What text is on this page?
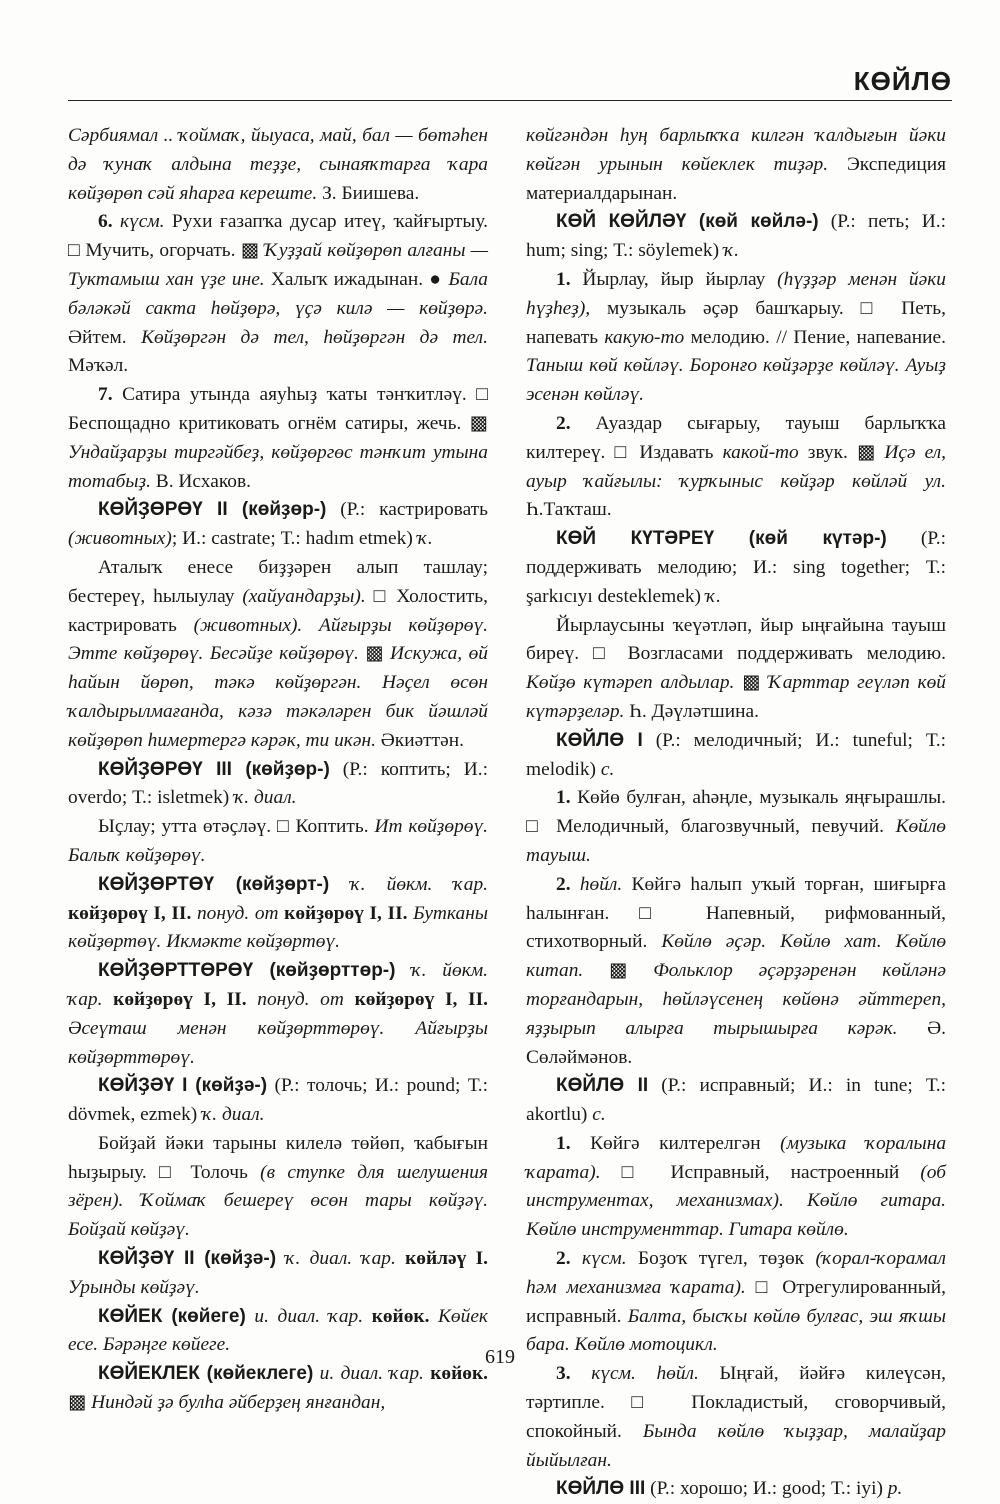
КӨЙЛӨ

Сәрбиямал .. ҡоймаҡ, йыуаса, май, бал — бөтәһен дә ҡунаҡ алдына теҙҙе, сынаяҡтарға ҡара көйҙөрөп сәй яһарға кереште. З. Биишева.

6. күсм. Рухи ғазапҡа дусар итеү, ҡайғыртыу. □ Мучить, огорчать. ▩ Ҡуҙҙай көйҙөрөп алғаны — Туктамыш хан үҙе ине. Халыҡ ижадынан. ● Бала бәләкәй сакта һөйҙөрә, үҫә килә — көйҙөрә. Әйтем. Көйҙөргән дә тел, һөйҙөргән дә тел. Мәҡәл.

7. Сатира утында аяуһыҙ ҡаты тәнҡитләү. □ Беспощадно критиковать огнём сатиры, жечь. ▩ Ундайҙарҙы тиргәйбеҙ, көйҙөргөс тәнҡит утына тотабыҙ. В. Исхаков.

КӨЙҘӨРӨҮ II (көйҙөр-) (Р.: кастрировать (животных); И.: castrate; Т.: hadım etmek) ҡ.

Аталыҡ енесе биҙҙәрен алып ташлау; бестерeү, һылыулау (хайуандарҙы). □ Холостить, кастрировать (животных). Айғырҙы көйҙөрөү. Этте көйҙөрөү. Бесәйҙе көйҙөрөү. ▩ Искужа, өй һайын йөрөп, тәкә көйҙөргән. Нәҫел өсөн ҡалдырылмағанда, кәзә тәкәләрен бик йәшләй көйҙөрөп һимертергә кәрәк, ти икән. Әкиәттән.

КӨЙҘӨРӨҮ III (көйҙөр-) (Р.: коптить; И.: overdo; Т.: isletmek) ҡ. диал.

Ыҫлау; утта өтәҫләү. □ Коптить. Ит көйҙөрөү. Балыҡ көйҙөрөү.

КӨЙҘӨРТӨҮ (көйҙөрт-) ҡ. йөкм. ҡар. көйҙөрөү I, II. понуд. от көйҙөрөү I, II. Бутканы көйҙөртөү. Икмәкте көйҙөртөү.

КӨЙҘӨРТТӨРӨҮ (көйҙөрттөр-) ҡ. йөкм. ҡар. көйҙөрөү I, II. понуд. от көйҙөрөү I, II. Әсеүташ менән көйҙөрттөрөү. Айғырҙы көйҙөрттөрөү.

КӨЙҘӘҮ I (көйҙә-) (Р.: толочь; И.: pound; Т.: dövmek, ezmek) ҡ. диал.

Бойҙай йәки тарыны килелә төйөп, ҡабығын һыҙырыу. □ Толочь (в ступке для шелушения зёрен). Ҡоймаҡ бешереү өсөн тары көйҙәү. Бойҙай көйҙәү.

КӨЙҘӘҮ II (көйҙә-) ҡ. диал. ҡар. көйләү I. Урынды көйҙәү.

КӨЙЕК (көйеге) и. диал. ҡар. көйөк. Көйек есе. Бәрәңге көйеге.

КӨЙЕКЛЕК (көйеклеге) и. диал. ҡар. көйөк. ▩ Ниндәй ҙә булһа әйберҙең янғандан,

көйгәндән һуң барлыҡҡа килгән ҡалдығын йәки көйгән урынын көйеклек тиҙәр. Экспедиция материалдарынан.

КӨЙ КӨЙЛӘҮ (көй көйлә-) (Р.: петь; И.: hum; sing; Т.: söylemek) ҡ.

1. Йырлау, йыр йырлау (һүҙҙәр менән йәки һүҙһеҙ), музыкаль әҫәр башҡарыу. □ Петь, напевать какую-то мелодию. // Пение, напевание. Таныш көй көйләү. Боронғо көйҙәрҙе көйләү. Ауыҙ эсенән көйләү.

2. Ауаздар сығарыу, тауыш барлыҡҡа килтереү. □ Издавать какой-то звук. ▩ Иҫә ел, ауыр ҡайғылы: ҡурҡыныс көйҙәр көйләй ул. Һ.Таҡташ.

КӨЙ КҮТӘРЕҮ (көй күтәр-) (Р.: поддерживать мелодию; И.: sing together; Т.: şarkıcıyı desteklemek) ҡ.

Йырлаусыны ҡеүәтләп, йыр ыңғайына тауыш биреү. □ Возгласами поддерживать мелодию. Көйҙө күтәреп алдылар. ▩ Ҡарттар геүләп көй күтәрҙеләр. Һ. Дәүләтшина.

КӨЙЛӨ I (Р.: мелодичный; И.: tuneful; Т.: melodik) с.

1. Көйө булған, аһәңле, музыкаль яңғырашлы. □ Мелодичный, благозвучный, певучий. Көйлө тауыш.

2. һөйл. Көйгә һалып уҡый торған, шиғырға һалынған. □ Напевный, рифмованный, стихотворный. Көйлө әҫәр. Көйлө хат. Көйлө китап. ▩ Фольклор әҫәрҙәренән көйләнә торғандарын, һөйләүсенең көйөнә әйттереп, яҙҙырып алырға тырышырға кәрәк. Ә. Сөләймәнов.

КӨЙЛӨ II (Р.: исправный; И.: in tune; Т.: akortlu) с.

1. Көйгә килтерелгән (музыка ҡоралына ҡарата). □ Исправный, настроенный (об инструментах, механизмах). Көйлө гитара. Көйлө инструменттар. Гитара көйлө.

2. күсм. Боҙоҡ түгел, төҙөк (ҡорал-ҡорамал һәм механизмға ҡарата). □ Отрегулированный, исправный. Балта, бысҡы көйлө булғас, эш яҡшы бара. Көйлө мотоцикл.

3. күсм. һөйл. Ыңғай, йәйғә килеүсән, тәртипле. □ Покладистый, сговорчивый, спокойный. Бында көйлө ҡыҙҙар, малайҙар йыйылған.

КӨЙЛӨ III (Р.: хорошо; И.: good; Т.: iyi) р.

619
